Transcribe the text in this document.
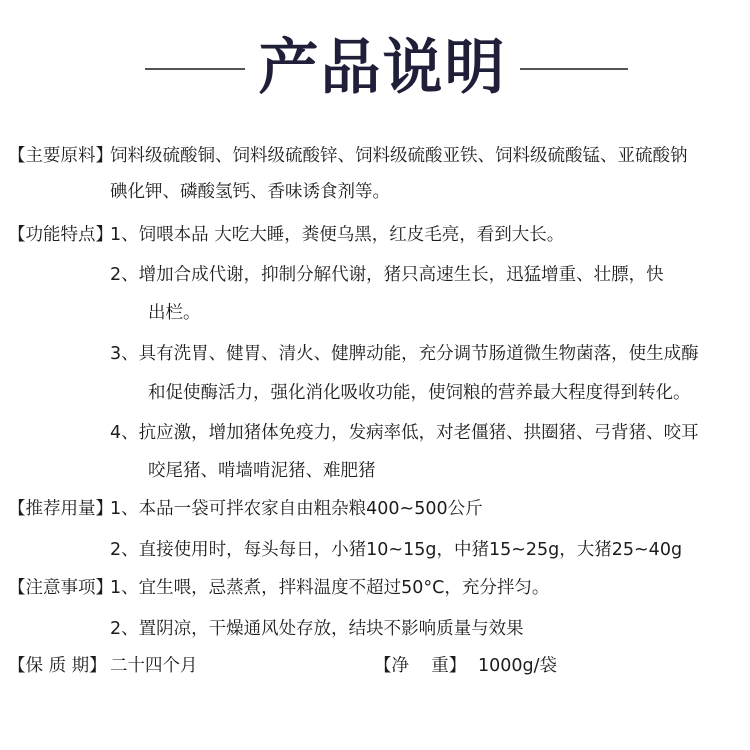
产品说明
【主要原料】
饲料级硫酸铜、饲料级硫酸锌、饲料级硫酸亚铁、饲料级硫酸锰、亚硫酸钠
碘化钾、磷酸氢钙、香味诱食剂等。
【功能特点】
1、饲喂本品 大吃大睡，粪便乌黑，红皮毛亮，看到大长。
2、增加合成代谢，抑制分解代谢，猪只高速生长，迅猛增重、壮膘，快
出栏。
3、具有洗胃、健胃、清火、健脾动能，充分调节肠道微生物菌落，使生成酶
和促使酶活力，强化消化吸收功能，使饲粮的营养最大程度得到转化。
4、抗应激，增加猪体免疫力，发病率低，对老僵猪、拱圈猪、弓背猪、咬耳
咬尾猪、啃墙啃泥猪、难肥猪
【推荐用量】
1、本品一袋可拌农家自由粗杂粮400~500公斤
2、直接使用时，每头每日，小猪10~15g，中猪15~25g，大猪25~40g
【注意事项】
1、宜生喂，忌蒸煮，拌料温度不超过50°C，充分拌匀。
2、置阴凉，干燥通风处存放，结块不影响质量与效果
【保 质 期】 二十四个月	【净    重】 1000g/袋
